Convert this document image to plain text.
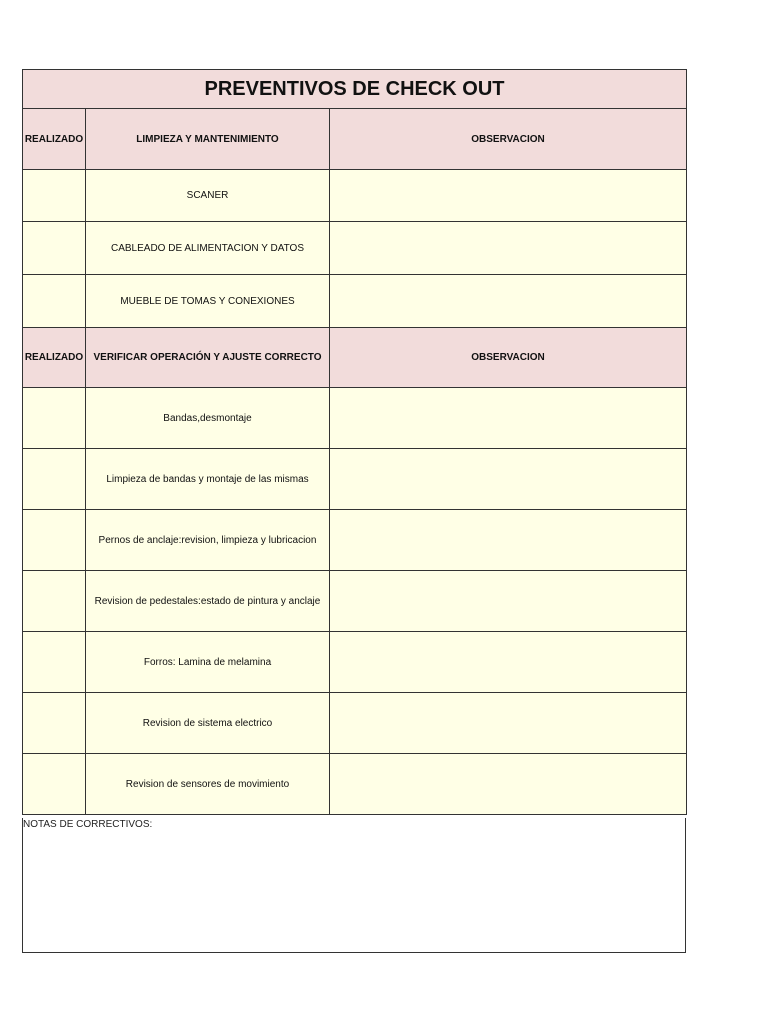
PREVENTIVOS DE CHECK OUT		
REALIZADO	LIMPIEZA Y MANTENIMIENTO	OBSERVACION
	SCANER	
	CABLEADO DE ALIMENTACION Y DATOS	
	MUEBLE DE TOMAS Y CONEXIONES	
REALIZADO	VERIFICAR OPERACIÓN Y AJUSTE CORRECTO	OBSERVACION
	Bandas,desmontaje	
	Limpieza de bandas y montaje de las mismas	
	Pernos de anclaje:revision, limpieza y lubricacion	
	Revision de pedestales:estado de pintura y anclaje	
	Forros: Lamina de melamina	
	Revision de sistema electrico	
	Revision de sensores de movimiento	
NOTAS DE CORRECTIVOS:
